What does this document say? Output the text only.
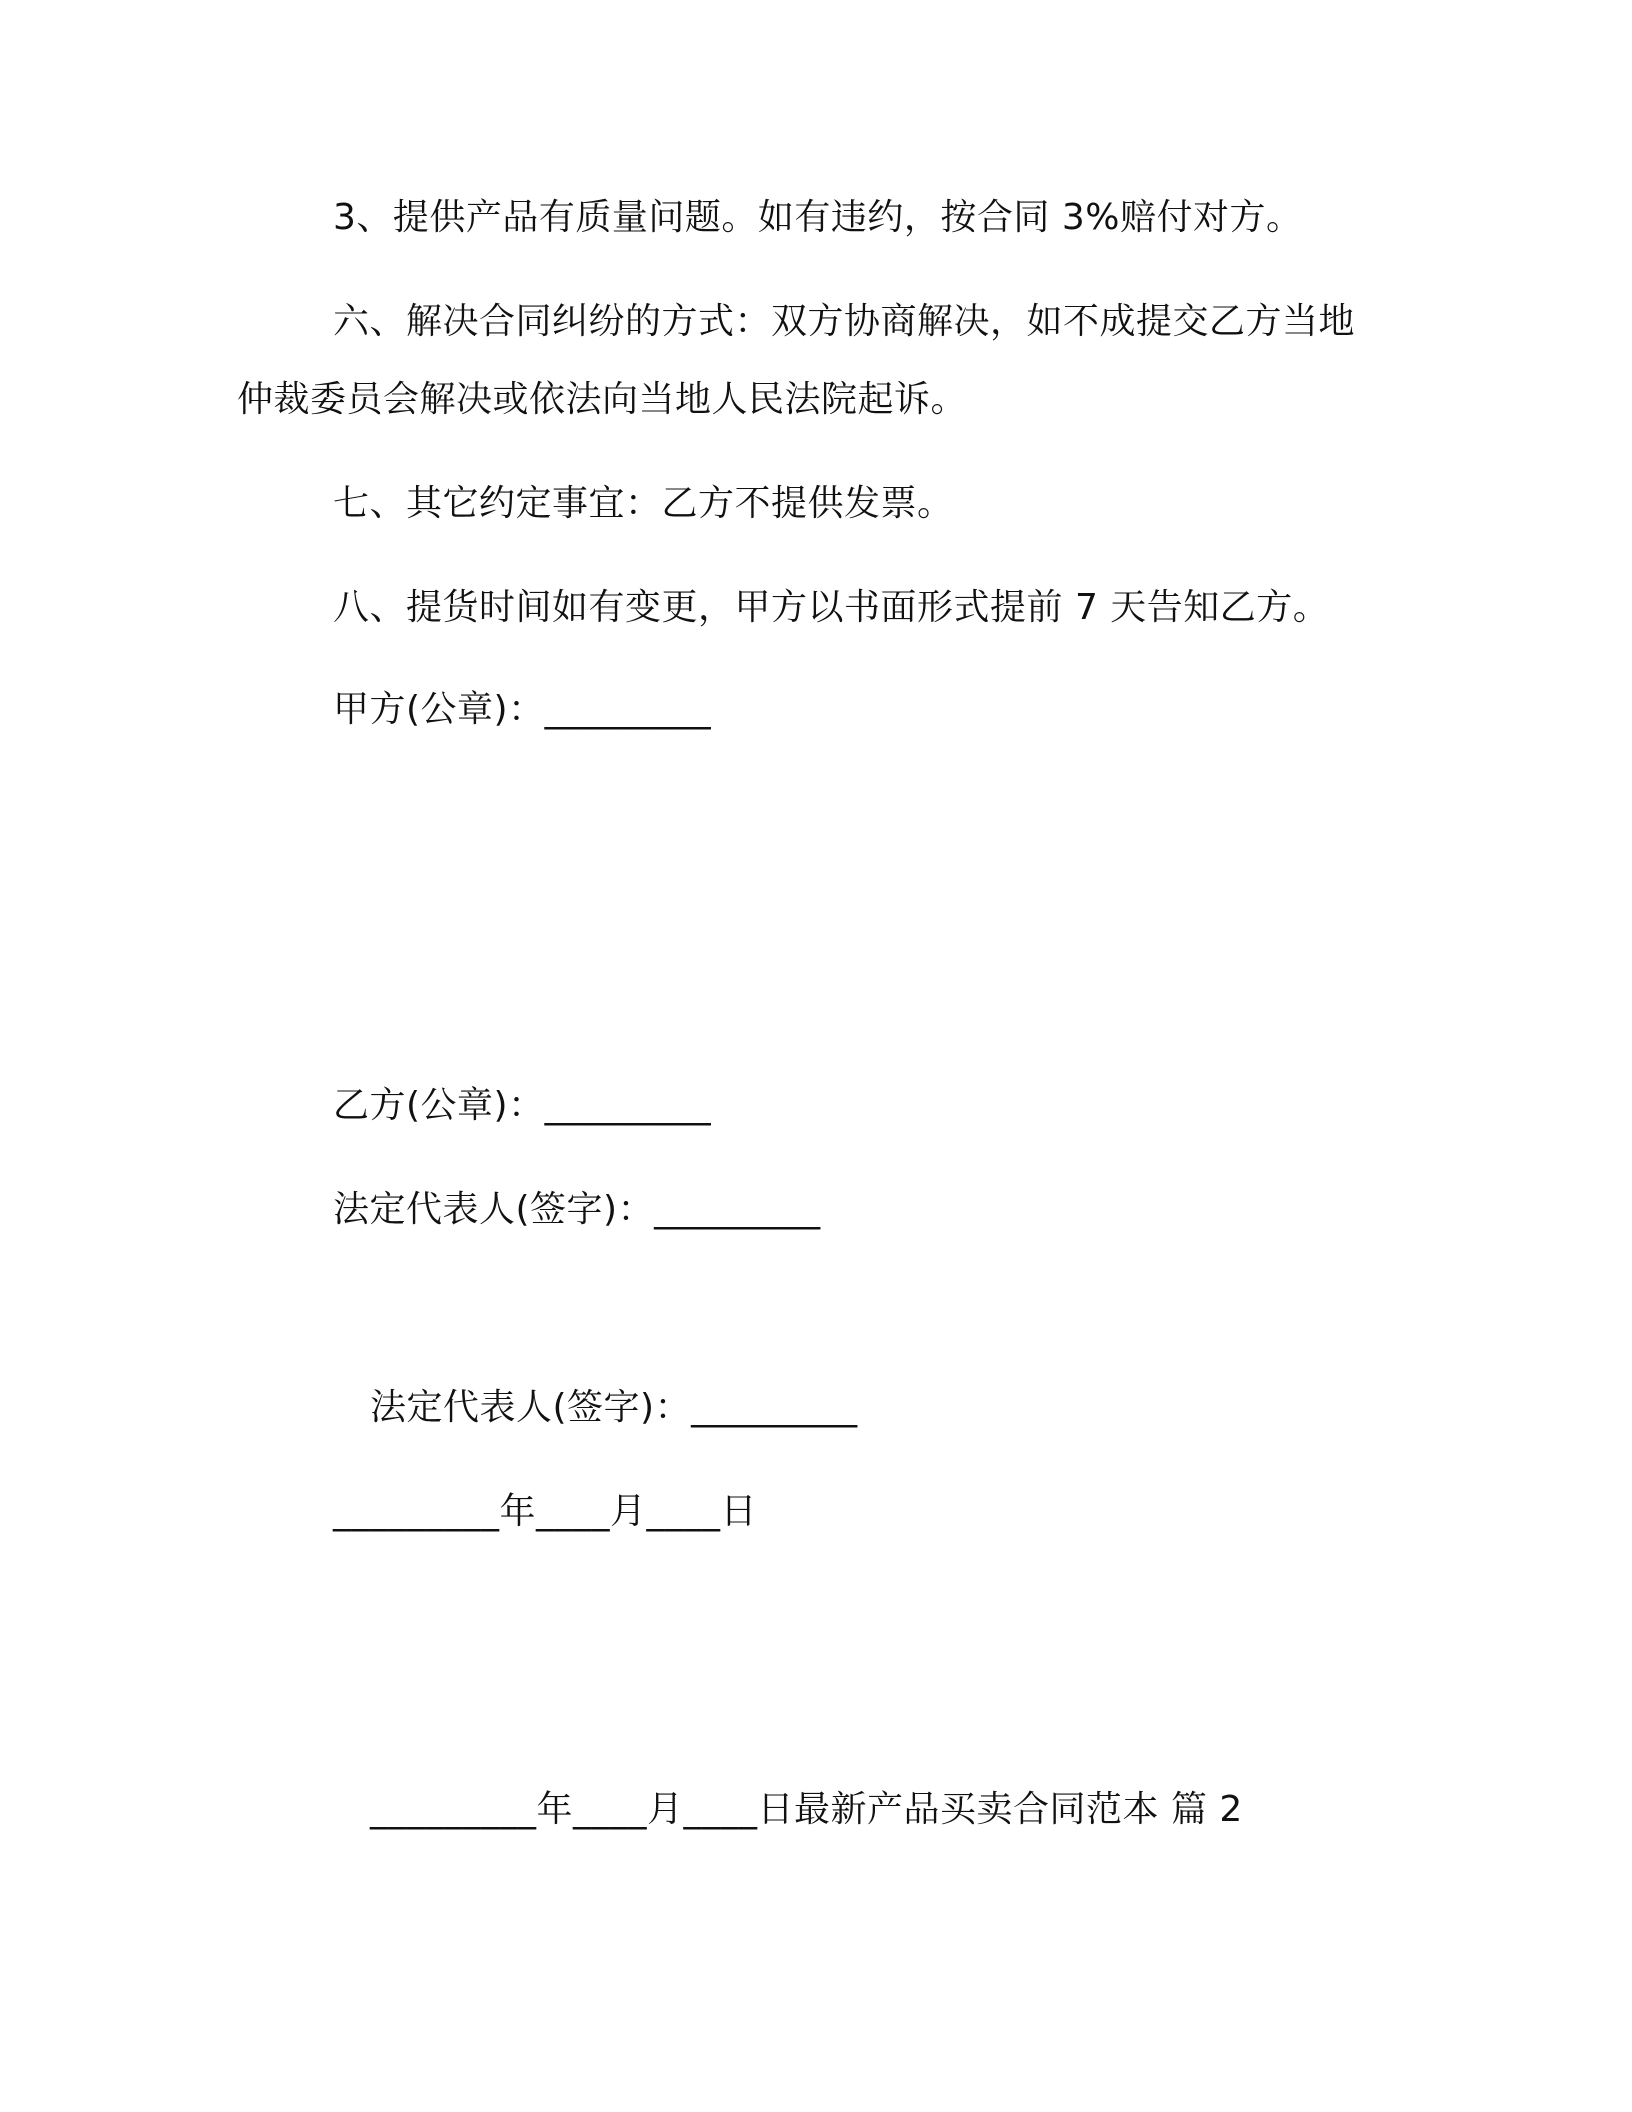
3、提供产品有质量问题。如有违约，按合同 3%赔付对方。
六、解决合同纠纷的方式：双方协商解决，如不成提交乙方当地
仲裁委员会解决或依法向当地人民法院起诉。
七、其它约定事宜：乙方不提供发票。
八、提货时间如有变更，甲方以书面形式提前 7 天告知乙方。
甲方(公章)：_________
乙方(公章)：_________
法定代表人(签字)：_________
法定代表人(签字)：_________
_________年____月____日
_________年____月____日最新产品买卖合同范本 篇 2
